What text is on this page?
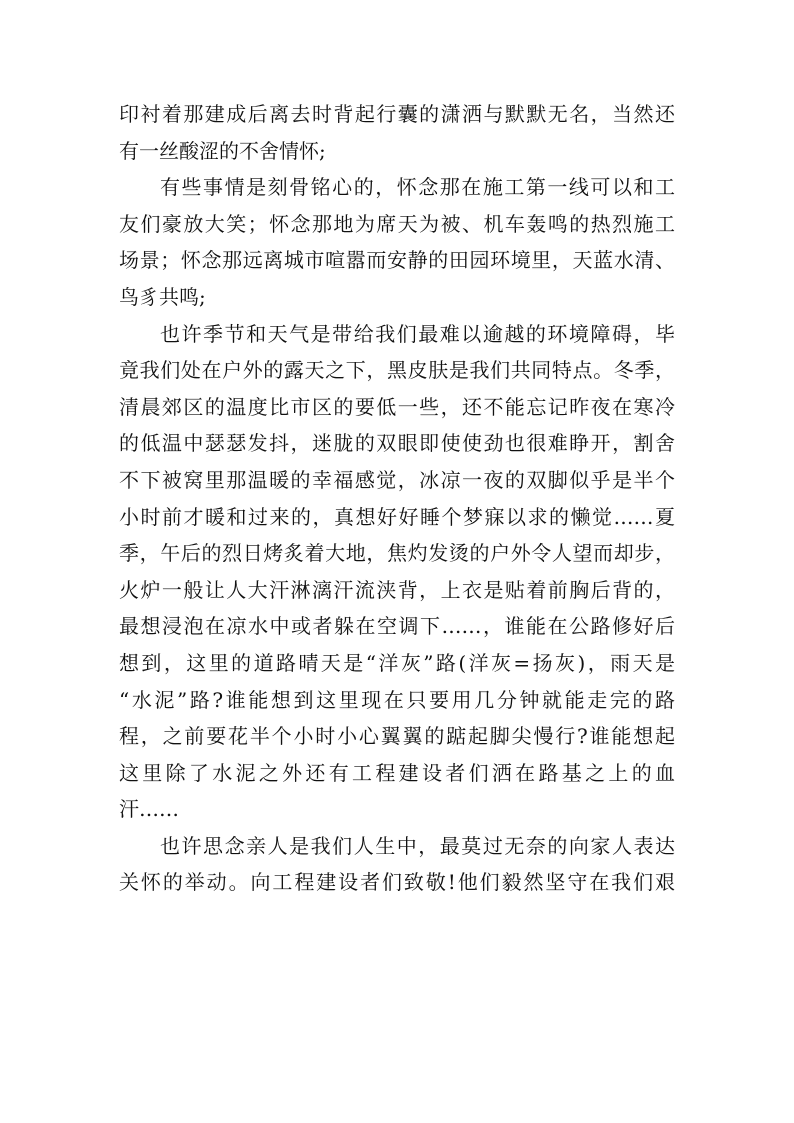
印衬着那建成后离去时背起行囊的潇洒与默默无名，当然还
有一丝酸涩的不舍情怀;
有些事情是刻骨铭心的，怀念那在施工第一线可以和工
友们豪放大笑；怀念那地为席天为被、机车轰鸣的热烈施工
场景；怀念那远离城市喧嚣而安静的田园环境里，天蓝水清、
鸟豸共鸣;
也许季节和天气是带给我们最难以逾越的环境障碍，毕
竟我们处在户外的露天之下，黑皮肤是我们共同特点。冬季，
清晨郊区的温度比市区的要低一些，还不能忘记昨夜在寒冷
的低温中瑟瑟发抖，迷胧的双眼即使使劲也很难睁开，割舍
不下被窝里那温暖的幸福感觉，冰凉一夜的双脚似乎是半个
小时前才暖和过来的，真想好好睡个梦寐以求的懒觉……夏
季，午后的烈日烤炙着大地，焦灼发烫的户外令人望而却步，
火炉一般让人大汗淋漓汗流浃背，上衣是贴着前胸后背的，
最想浸泡在凉水中或者躲在空调下……，谁能在公路修好后
想到，这里的道路晴天是“洋灰”路(洋灰=扬灰)，雨天是
“水泥”路?谁能想到这里现在只要用几分钟就能走完的路
程，之前要花半个小时小心翼翼的踮起脚尖慢行?谁能想起
这里除了水泥之外还有工程建设者们洒在路基之上的血
汗……
也许思念亲人是我们人生中，最莫过无奈的向家人表达
关怀的举动。向工程建设者们致敬!他们毅然坚守在我们艰
